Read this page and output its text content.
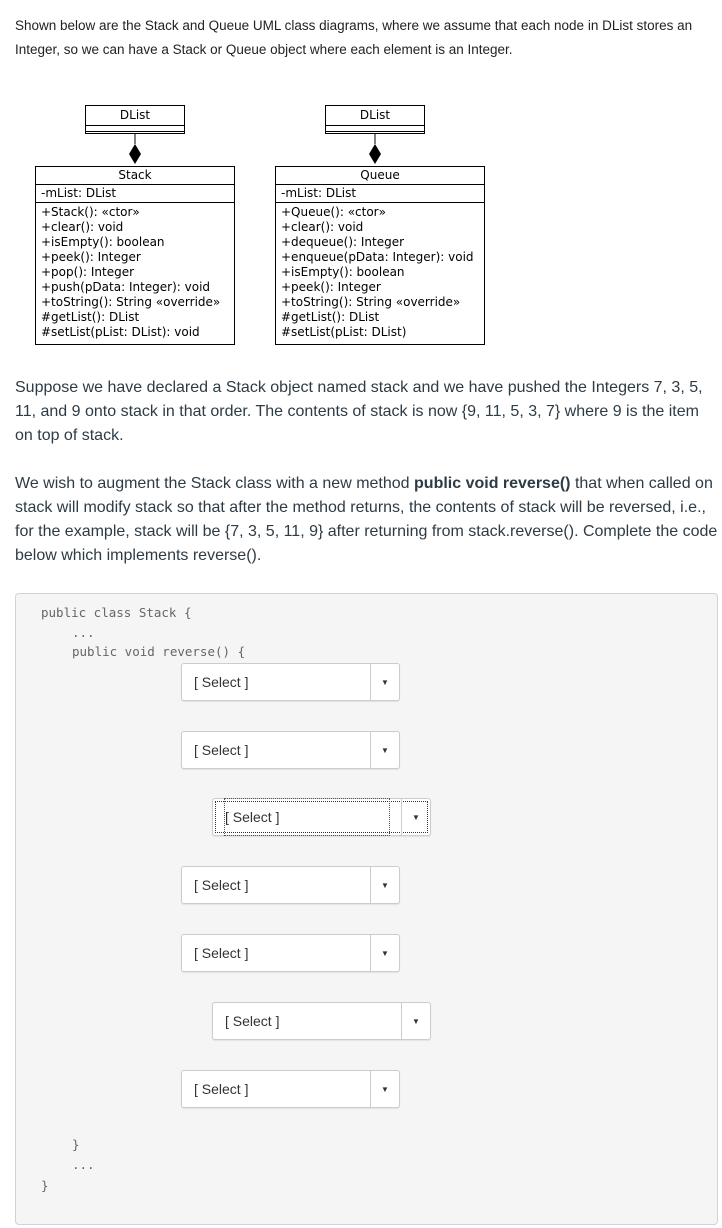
Shown below are the Stack and Queue UML class diagrams, where we assume that each node in DList stores an Integer, so we can have a Stack or Queue object where each element is an Integer.

DList
Stack
-mList: DList
+Stack(): «ctor»
+clear(): void
+isEmpty(): boolean
+peek(): Integer
+pop(): Integer
+push(pData: Integer): void
+toString(): String «override»
#getList(): DList
#setList(pList: DList): void
DList
Queue
-mList: DList
+Queue(): «ctor»
+clear(): void
+dequeue(): Integer
+enqueue(pData: Integer): void
+isEmpty(): boolean
+peek(): Integer
+toString(): String «override»
#getList(): DList
#setList(pList: DList)

Suppose we have declared a Stack object named stack and we have pushed the Integers 7, 3, 5, 11, and 9 onto stack in that order. The contents of stack is now {9, 11, 5, 3, 7} where 9 is the item on top of stack.

We wish to augment the Stack class with a new method public void reverse() that when called on stack will modify stack so that after the method returns, the contents of stack will be reversed, i.e., for the example, stack will be {7, 3, 5, 11, 9} after returning from stack.reverse(). Complete the code below which implements reverse().

public class Stack {
...
public void reverse() {
[ Select ]	▼
[ Select ]	▼
[ Select ]	▼
[ Select ]	▼
[ Select ]	▼
[ Select ]	▼
[ Select ]	▼
}
...
}
